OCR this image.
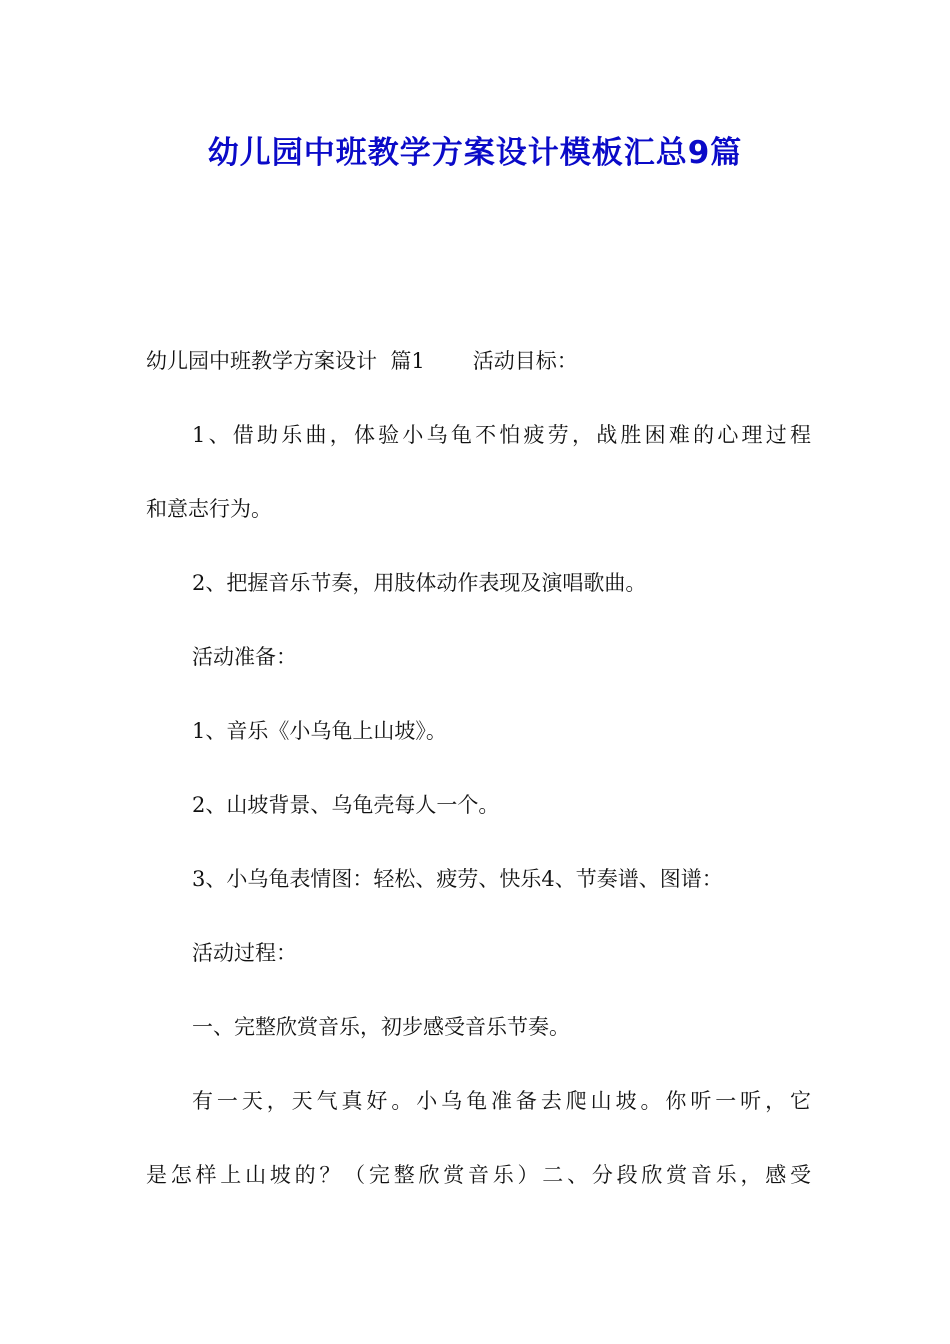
幼儿园中班教学方案设计模板汇总9篇
幼儿园中班教学方案设计  篇1 活动目标：
1、借助乐曲，体验小乌龟不怕疲劳，战胜困难的心理过程
和意志行为。
2、把握音乐节奏，用肢体动作表现及演唱歌曲。
活动准备：
1、音乐《小乌龟上山坡》。
2、山坡背景、乌龟壳每人一个。
3、小乌龟表情图：轻松、疲劳、快乐4、节奏谱、图谱：
活动过程：
一、完整欣赏音乐，初步感受音乐节奏。
有一天，天气真好。小乌龟准备去爬山坡。你听一听，它
是怎样上山坡的？（完整欣赏音乐）二、分段欣赏音乐，感受
